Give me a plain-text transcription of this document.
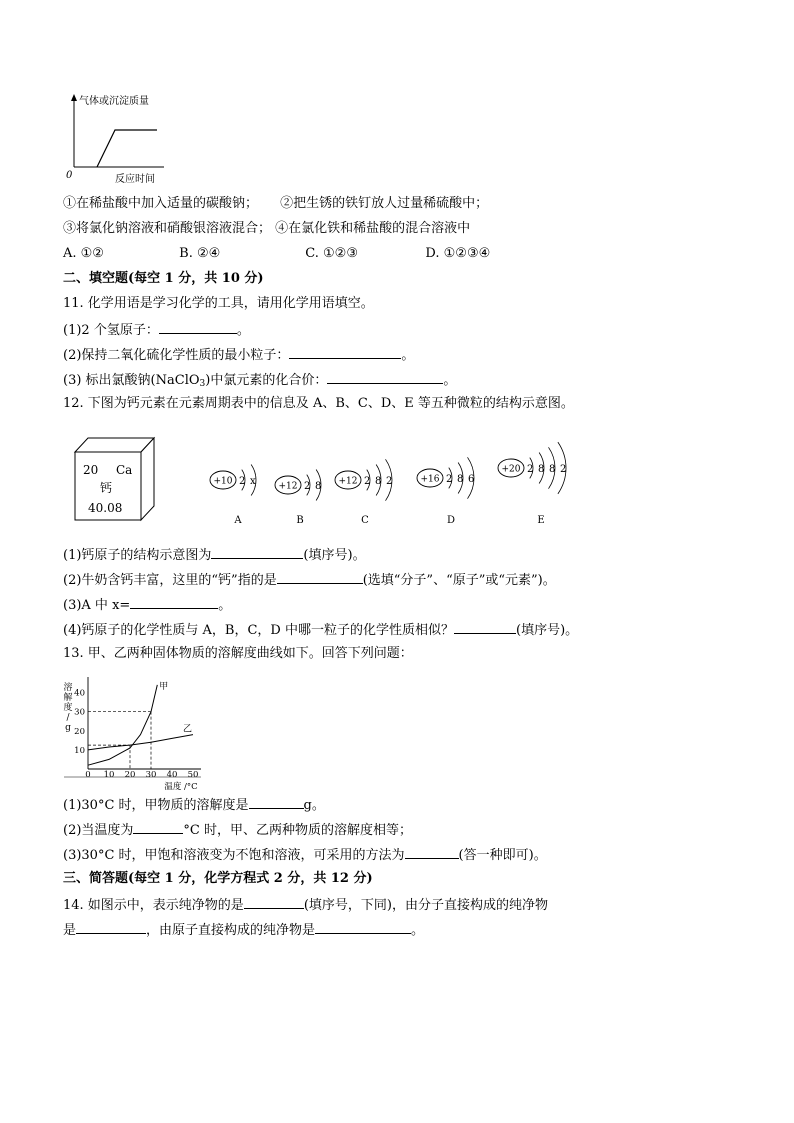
气体或沉淀质量
0	反应时间
①在稀盐酸中加入适量的碳酸钠； ②把生锈的铁钉放人过量稀硫酸中；
③将氯化钠溶液和硝酸银溶液混合； ④在氯化铁和稀盐酸的混合溶液中
A. ①②	B. ②④	C. ①②③	D. ①②③④
二、填空题(每空 1 分，共 10 分)
11. 化学用语是学习化学的工具，请用化学用语填空。
(1)2 个氢原子：	。
(2)保持二氧化硫化学性质的最小粒子：	。
(3) 标出氯酸钠(NaClO$_3$)中氯元素的化合价：	。
12. 下图为钙元素在元素周期表中的信息及 A、B、C、D、E 等五种微粒的结构示意图。
20 Ca
钙
40.08
+10 2 x
A
+12 2 8
B
+12 2 8 2
C
+16 2 8 6
D
+20 2 8 8 2
E
(1)钙原子的结构示意图为	(填序号)。
(2)牛奶含钙丰富，这里的“钙”指的是	(选填“分子”、“原子”或“元素”)。
(3)A 中 x=	。
(4)钙原子的化学性质与 A，B，C，D 中哪一粒子的化学性质相似？	(填序号)。
13. 甲、乙两种固体物质的溶解度曲线如下。回答下列问题：
0 10 20 30 40 50
10
20
30
40
溶
解
度
/
g
温度 /°C
甲
乙
(1)30°C 时，甲物质的溶解度是	g。
(2)当温度为	°C 时，甲、乙两种物质的溶解度相等；
(3)30°C 时，甲饱和溶液变为不饱和溶液，可采用的方法为	(答一种即可)。
三、简答题(每空 1 分，化学方程式 2 分，共 12 分)
14. 如图示中，表示纯净物的是	(填序号，下同)，由分子直接构成的纯净物
是	，由原子直接构成的纯净物是	。
